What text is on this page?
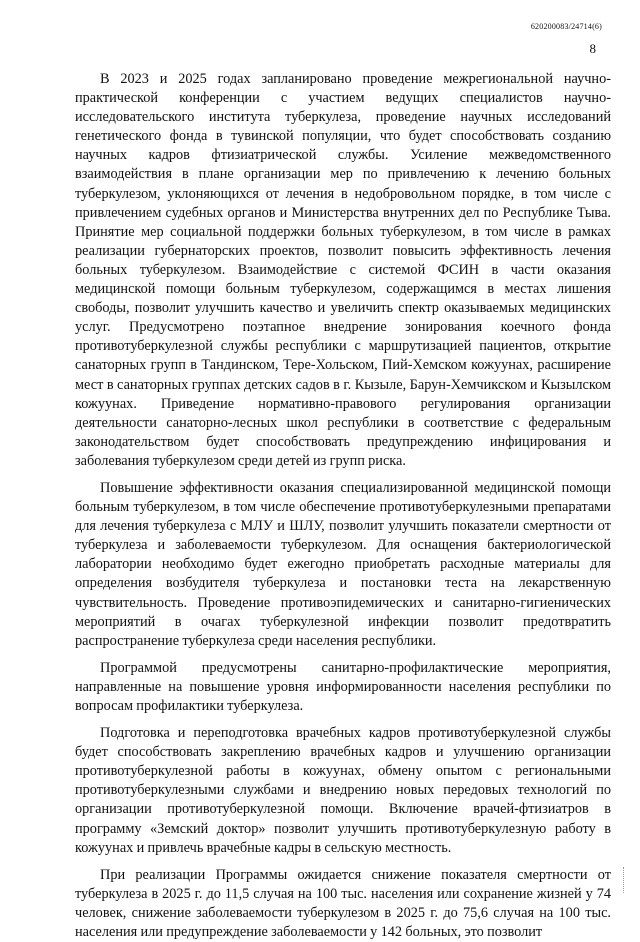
620200083/24714(6)
8

В 2023 и 2025 годах запланировано проведение межрегиональной научно-практической конференции с участием ведущих специалистов научно-исследовательского института туберкулеза, проведение научных исследований генетического фонда в тувинской популяции, что будет способствовать созданию научных кадров фтизиатрической службы. Усиление межведомственного взаимодействия в плане организации мер по привлечению к лечению больных туберкулезом, уклоняющихся от лечения в недобровольном порядке, в том числе с привлечением судебных органов и Министерства внутренних дел по Республике Тыва. Принятие мер социальной поддержки больных туберкулезом, в том числе в рамках реализации губернаторских проектов, позволит повысить эффективность лечения больных туберкулезом. Взаимодействие с системой ФСИН в части оказания медицинской помощи больным туберкулезом, содержащимся в местах лишения свободы, позволит улучшить качество и увеличить спектр оказываемых медицинских услуг. Предусмотрено поэтапное внедрение зонирования коечного фонда противотуберкулезной службы республики с маршрутизацией пациентов, открытие санаторных групп в Тандинском, Тере-Хольском, Пий-Хемском кожуунах, расширение мест в санаторных группах детских садов в г. Кызыле, Барун-Хемчикском и Кызылском кожуунах. Приведение нормативно-правового регулирования организации деятельности санаторно-лесных школ республики в соответствие с федеральным законодательством будет способствовать предупреждению инфицирования и заболевания туберкулезом среди детей из групп риска.

Повышение эффективности оказания специализированной медицинской помощи больным туберкулезом, в том числе обеспечение противотуберкулезными препаратами для лечения туберкулеза с МЛУ и ШЛУ, позволит улучшить показатели смертности от туберкулеза и заболеваемости туберкулезом. Для оснащения бактериологической лаборатории необходимо будет ежегодно приобретать расходные материалы для определения возбудителя туберкулеза и постановки теста на лекарственную чувствительность. Проведение противоэпидемических и санитарно-гигиенических мероприятий в очагах туберкулезной инфекции позволит предотвратить распространение туберкулеза среди населения республики.

Программой предусмотрены санитарно-профилактические мероприятия, направленные на повышение уровня информированности населения республики по вопросам профилактики туберкулеза.

Подготовка и переподготовка врачебных кадров противотуберкулезной службы будет способствовать закреплению врачебных кадров и улучшению организации противотуберкулезной работы в кожуунах, обмену опытом с региональными противотуберкулезными службами и внедрению новых передовых технологий по организации противотуберкулезной помощи. Включение врачей-фтизиатров в программу «Земский доктор» позволит улучшить противотуберкулезную работу в кожуунах и привлечь врачебные кадры в сельскую местность.

При реализации Программы ожидается снижение показателя смертности от туберкулеза в 2025 г. до 11,5 случая на 100 тыс. населения или сохранение жизней у 74 человек, снижение заболеваемости туберкулезом в 2025 г. до 75,6 случая на 100 тыс. населения или предупреждение заболеваемости у 142 больных, это позволит
